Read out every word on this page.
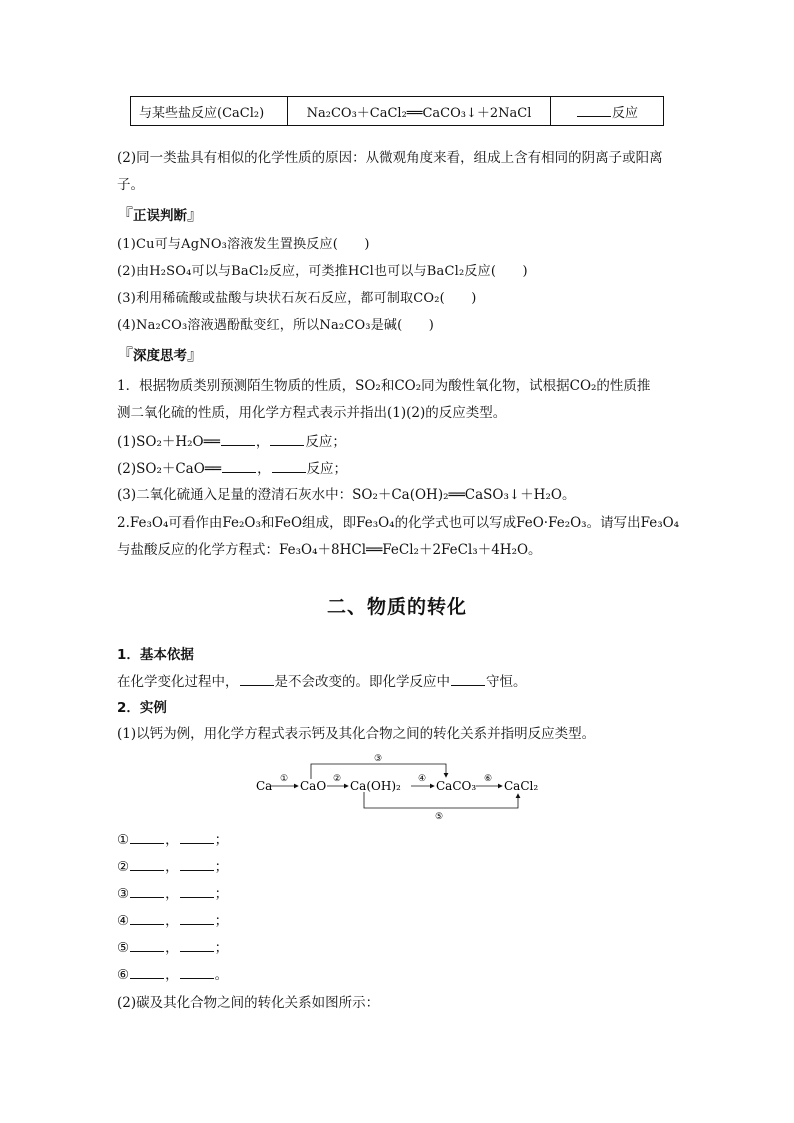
与某些盐反应(CaCl₂)	Na₂CO₃＋CaCl₂══CaCO₃↓＋2NaCl	反应
(2)同一类盐具有相似的化学性质的原因：从微观角度来看，组成上含有相同的阴离子或阳离
子。
『正误判断』
(1)Cu可与AgNO₃溶液发生置换反应(　　)
(2)由H₂SO₄可以与BaCl₂反应，可类推HCl也可以与BaCl₂反应(　　)
(3)利用稀硫酸或盐酸与块状石灰石反应，都可制取CO₂(　　)
(4)Na₂CO₃溶液遇酚酞变红，所以Na₂CO₃是碱(　　)
『深度思考』
1．根据物质类别预测陌生物质的性质，SO₂和CO₂同为酸性氧化物，试根据CO₂的性质推
测二氧化硫的性质，用化学方程式表示并指出(1)(2)的反应类型。
(1)SO₂＋H₂O══	，	反应；
(2)SO₂＋CaO══	，	反应；
(3)二氧化硫通入足量的澄清石灰水中：SO₂＋Ca(OH)₂══CaSO₃↓＋H₂O。
2.Fe₃O₄可看作由Fe₂O₃和FeO组成，即Fe₃O₄的化学式也可以写成FeO·Fe₂O₃。请写出Fe₃O₄
与盐酸反应的化学方程式：Fe₃O₄＋8HCl══FeCl₂＋2FeCl₃＋4H₂O。
二、物质的转化
1．基本依据
在化学变化过程中，	是不会改变的。即化学反应中	守恒。
2．实例
(1)以钙为例，用化学方程式表示钙及其化合物之间的转化关系并指明反应类型。
Ca CaO Ca(OH)₂	CaCO₃ CaCl₂
①	②
③
④
⑤
⑥
①	，	；
②	，	；
③	，	；
④	，	；
⑤	，	；
⑥	，	。
(2)碳及其化合物之间的转化关系如图所示：
